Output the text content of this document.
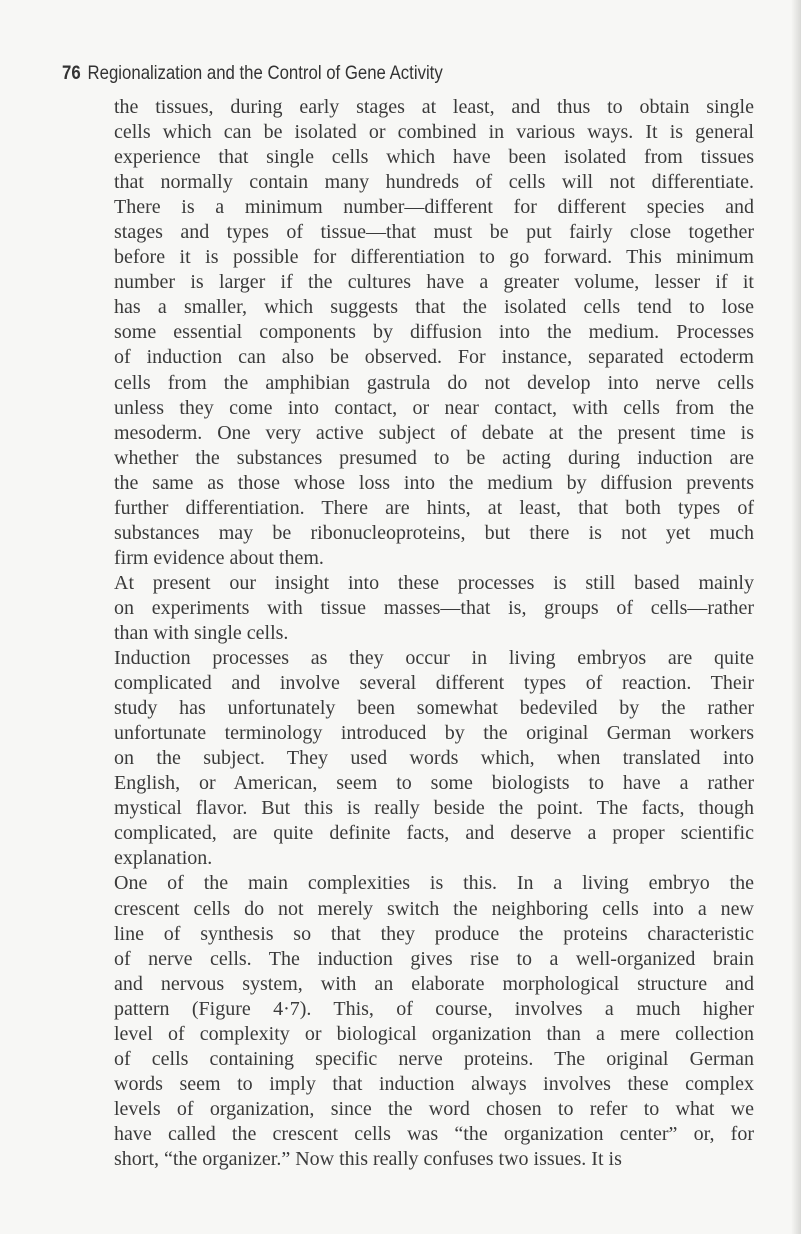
76 Regionalization and the Control of Gene Activity
the tissues, during early stages at least, and thus to obtain single
cells which can be isolated or combined in various ways. It is general
experience that single cells which have been isolated from tissues
that normally contain many hundreds of cells will not differentiate.
There is a minimum number—different for different species and
stages and types of tissue—that must be put fairly close together
before it is possible for differentiation to go forward. This minimum
number is larger if the cultures have a greater volume, lesser if it
has a smaller, which suggests that the isolated cells tend to lose
some essential components by diffusion into the medium. Processes
of induction can also be observed. For instance, separated ectoderm
cells from the amphibian gastrula do not develop into nerve cells
unless they come into contact, or near contact, with cells from the
mesoderm. One very active subject of debate at the present time is
whether the substances presumed to be acting during induction are
the same as those whose loss into the medium by diffusion prevents
further differentiation. There are hints, at least, that both types of
substances may be ribonucleoproteins, but there is not yet much
firm evidence about them.
At present our insight into these processes is still based mainly
on experiments with tissue masses—that is, groups of cells—rather
than with single cells.
Induction processes as they occur in living embryos are quite
complicated and involve several different types of reaction. Their
study has unfortunately been somewhat bedeviled by the rather
unfortunate terminology introduced by the original German workers
on the subject. They used words which, when translated into
English, or American, seem to some biologists to have a rather
mystical flavor. But this is really beside the point. The facts, though
complicated, are quite definite facts, and deserve a proper scientific
explanation.
One of the main complexities is this. In a living embryo the
crescent cells do not merely switch the neighboring cells into a new
line of synthesis so that they produce the proteins characteristic
of nerve cells. The induction gives rise to a well-organized brain
and nervous system, with an elaborate morphological structure and
pattern (Figure 4·7). This, of course, involves a much higher
level of complexity or biological organization than a mere collection
of cells containing specific nerve proteins. The original German
words seem to imply that induction always involves these complex
levels of organization, since the word chosen to refer to what we
have called the crescent cells was “the organization center” or, for
short, “the organizer.” Now this really confuses two issues. It is
